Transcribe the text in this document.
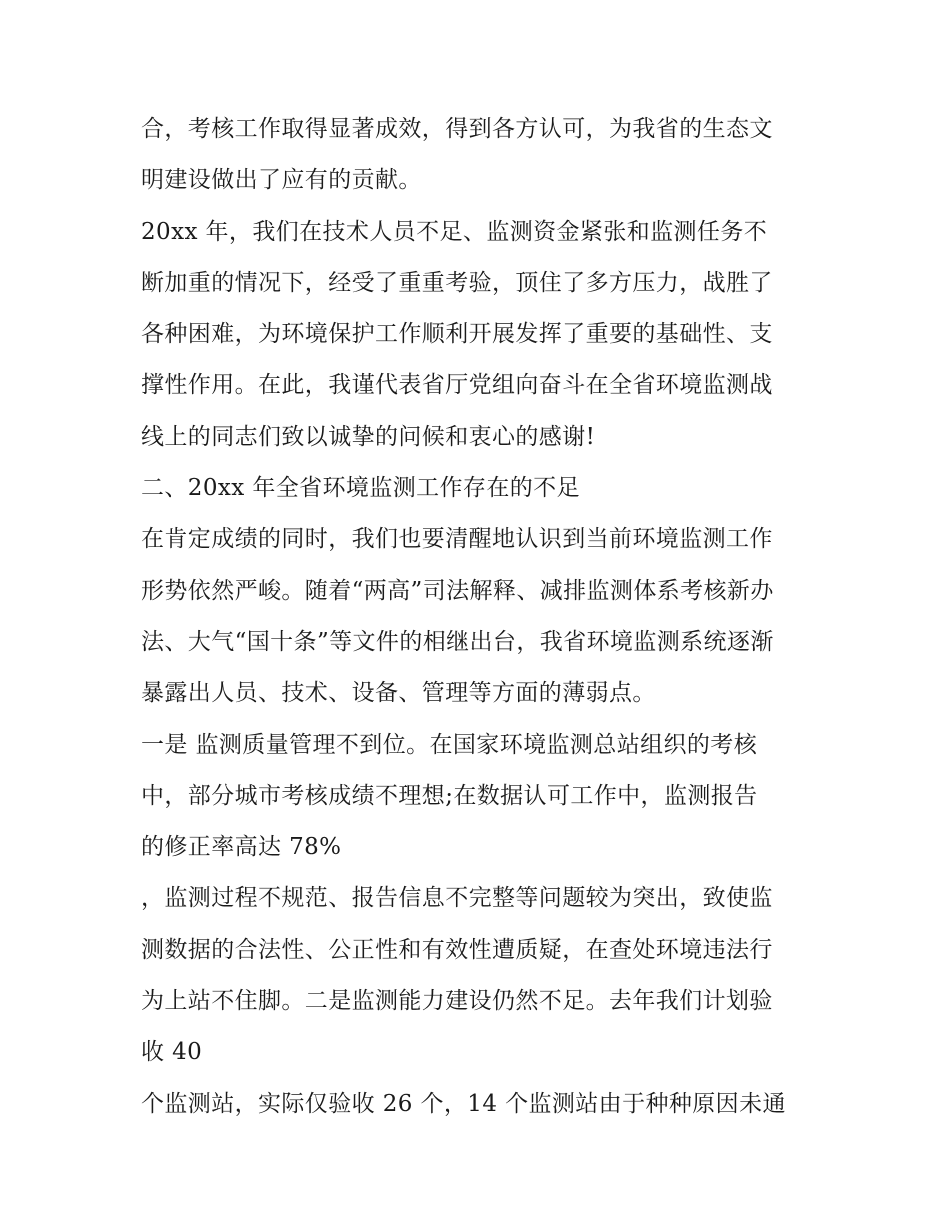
合，考核工作取得显著成效，得到各方认可，为我省的生态文
明建设做出了应有的贡献。
20xx 年，我们在技术人员不足、监测资金紧张和监测任务不
断加重的情况下，经受了重重考验，顶住了多方压力，战胜了
各种困难，为环境保护工作顺利开展发挥了重要的基础性、支
撑性作用。在此，我谨代表省厅党组向奋斗在全省环境监测战
线上的同志们致以诚挚的问候和衷心的感谢!
二、20xx 年全省环境监测工作存在的不足
在肯定成绩的同时，我们也要清醒地认识到当前环境监测工作
形势依然严峻。随着“两高”司法解释、减排监测体系考核新办
法、大气“国十条”等文件的相继出台，我省环境监测系统逐渐
暴露出人员、技术、设备、管理等方面的薄弱点。
一是 监测质量管理不到位。在国家环境监测总站组织的考核
中，部分城市考核成绩不理想;在数据认可工作中，监测报告
的修正率高达 78%
，监测过程不规范、报告信息不完整等问题较为突出，致使监
测数据的合法性、公正性和有效性遭质疑，在查处环境违法行
为上站不住脚。二是监测能力建设仍然不足。去年我们计划验
收 40
个监测站，实际仅验收 26 个，14 个监测站由于种种原因未通
